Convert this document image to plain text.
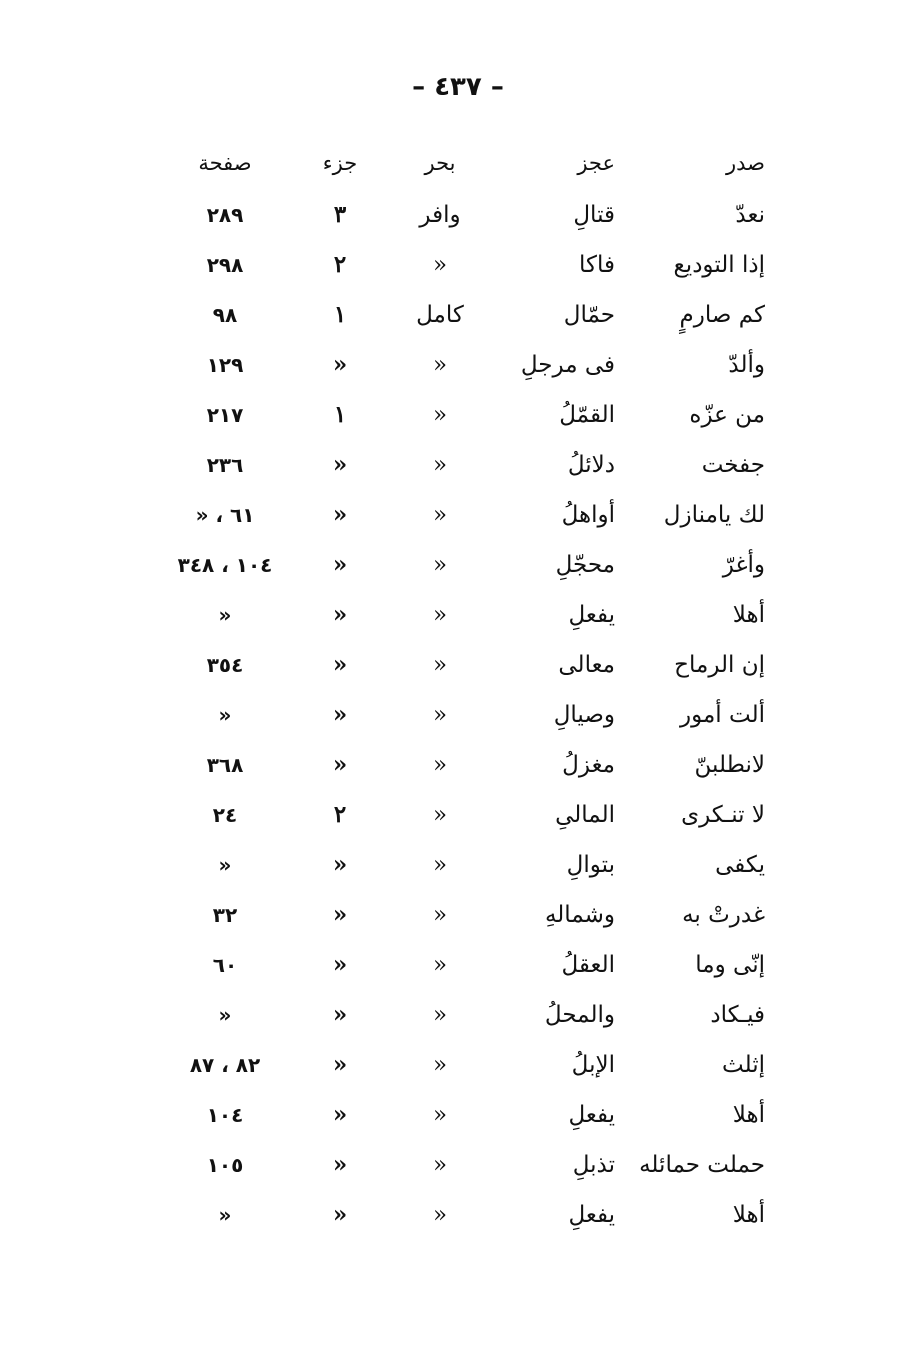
– ٤٣٧ –
صدر
عجز
بحر
جزء
صفحة
نعدّ
قتالِ
وافر
٣
٢٨٩
إذا التوديع
فاكا
«
٢
٢٩٨
كم صارمٍ
حمّال
كامل
١
٩٨
وألدّ
فى مرجلِ
«
«
١٢٩
من عزّه
القمّلُ
«
١
٢١٧
جفخت
دلائلُ
«
«
٢٣٦
لك يامنازل
أواهلُ
«
«
٦١ ، «
وأغرّ
محجّلِ
«
«
١٠٤ ، ٣٤٨
أهلا
يفعلِ
«
«
«
إن الرماح
معالى
«
«
٣٥٤
ألت أمور
وصيالِ
«
«
«
لانطلبنّ
مغزلُ
«
«
٣٦٨
لا تنـكرى
المالىِ
«
٢
٢٤
يكفى
بتوالِ
«
«
«
غدرتْ به
وشمالهِ
«
«
٣٢
إنّى وما
العقلُ
«
«
٦٠
فيـكاد
والمحلُ
«
«
«
إثلث
الإبلُ
«
«
٨٢ ، ٨٧
أهلا
يفعلِ
«
«
١٠٤
حملت حمائله
تذبلِ
«
«
١٠٥
أهلا
يفعلِ
«
«
«
